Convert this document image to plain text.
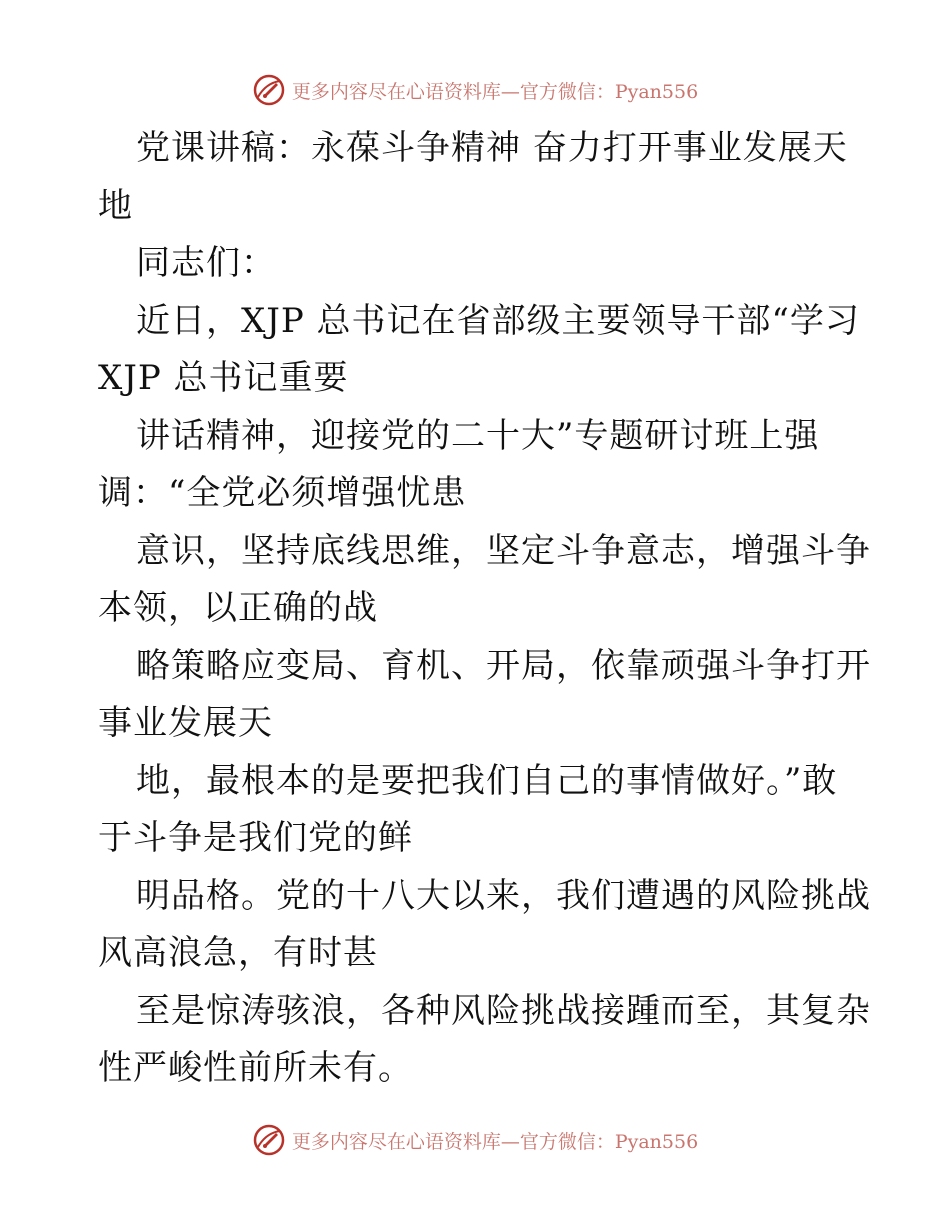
更多内容尽在心语资料库—官方微信：Pyan556
党课讲稿：永葆斗争精神 奋力打开事业发展天
地
同志们：
近日，XJP 总书记在省部级主要领导干部“学习
XJP 总书记重要
讲话精神，迎接党的二十大”专题研讨班上强
调：“全党必须增强忧患
意识，坚持底线思维，坚定斗争意志，增强斗争
本领，以正确的战
略策略应变局、育机、开局，依靠顽强斗争打开
事业发展天
地，最根本的是要把我们自己的事情做好。”敢
于斗争是我们党的鲜
明品格。党的十八大以来，我们遭遇的风险挑战
风高浪急，有时甚
至是惊涛骇浪，各种风险挑战接踵而至，其复杂
性严峻性前所未有。
更多内容尽在心语资料库—官方微信：Pyan556
